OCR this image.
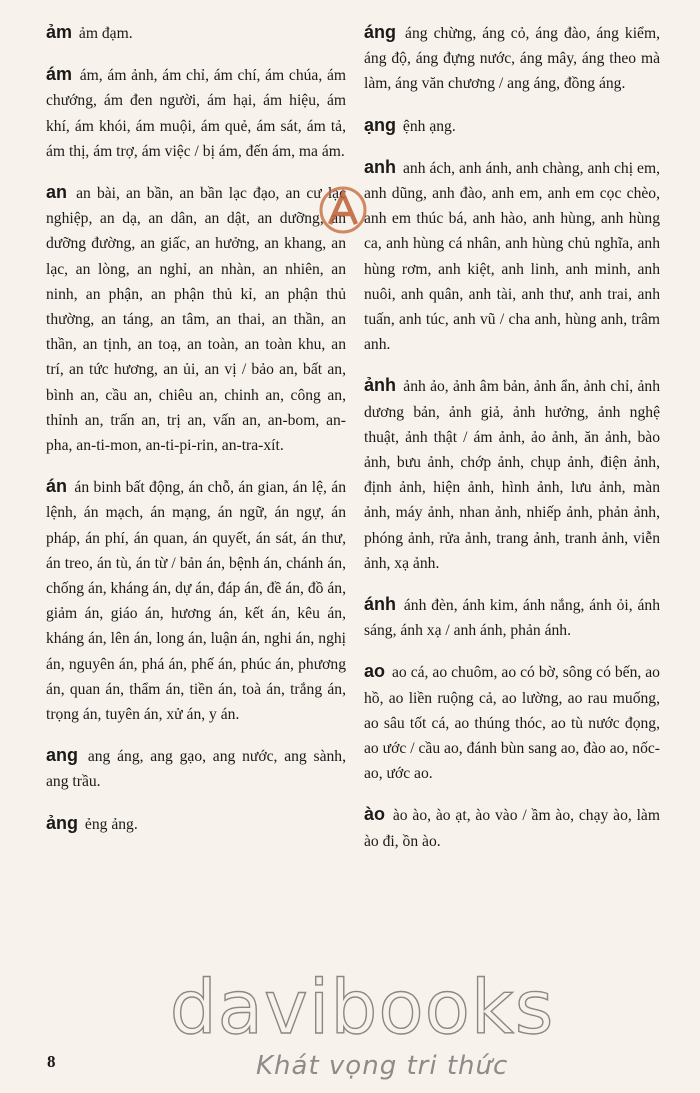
ảm ảm đạm.

ám ám, ám ảnh, ám chỉ, ám chí, ám chúa, ám chướng, ám đen người, ám hại, ám hiệu, ám khí, ám khói, ám muội, ám quẻ, ám sát, ám tả, ám thị, ám trợ, ám việc / bị ám, đến ám, ma ám.

an an bài, an bần, an bần lạc đạo, an cư lạc nghiệp, an dạ, an dân, an dật, an dưỡng, an dưỡng đường, an giấc, an hưởng, an khang, an lạc, an lòng, an nghỉ, an nhàn, an nhiên, an ninh, an phận, an phận thủ kỉ, an phận thủ thường, an táng, an tâm, an thai, an thần, an thần, an tịnh, an toạ, an toàn, an toàn khu, an trí, an tức hương, an ủi, an vị / bảo an, bất an, bình an, cầu an, chiêu an, chinh an, công an, thỉnh an, trấn an, trị an, vấn an, an-bom, an-pha, an-ti-mon, an-ti-pi-rin, an-tra-xít.

án án binh bất động, án chỗ, án gian, án lệ, án lệnh, án mạch, án mạng, án ngữ, án ngự, án pháp, án phí, án quan, án quyết, án sát, án thư, án treo, án tù, án từ / bản án, bệnh án, chánh án, chống án, kháng án, dự án, đáp án, đề án, đồ án, giảm án, giáo án, hương án, kết án, kêu án, kháng án, lên án, long án, luận án, nghi án, nghị án, nguyên án, phá án, phế án, phúc án, phương án, quan án, thẩm án, tiền án, toà án, trắng án, trọng án, tuyên án, xử án, y án.

ang ang áng, ang gạo, ang nước, ang sành, ang trầu.

ảng ẻng ảng.

áng áng chừng, áng cỏ, áng đào, áng kiểm, áng độ, áng đựng nước, áng mây, áng theo mà làm, áng văn chương / ang áng, đồng áng.

ạng ệnh ạng.

anh anh ách, anh ánh, anh chàng, anh chị em, anh dũng, anh đào, anh em, anh em cọc chèo, anh em thúc bá, anh hào, anh hùng, anh hùng ca, anh hùng cá nhân, anh hùng chủ nghĩa, anh hùng rơm, anh kiệt, anh linh, anh minh, anh nuôi, anh quân, anh tài, anh thư, anh trai, anh tuấn, anh túc, anh vũ / cha anh, hùng anh, trâm anh.

ảnh ảnh ảo, ảnh âm bản, ảnh ẩn, ảnh chỉ, ảnh dương bản, ảnh giả, ảnh hưởng, ảnh nghệ thuật, ảnh thật / ám ảnh, ảo ảnh, ăn ảnh, bào ảnh, bưu ảnh, chớp ảnh, chụp ảnh, điện ảnh, định ảnh, hiện ảnh, hình ảnh, lưu ảnh, màn ảnh, máy ảnh, nhan ảnh, nhiếp ảnh, phản ảnh, phóng ảnh, rửa ảnh, trang ảnh, tranh ảnh, viễn ảnh, xạ ảnh.

ánh ánh đèn, ánh kim, ánh nắng, ánh ỏi, ánh sáng, ánh xạ / anh ánh, phản ánh.

ao ao cá, ao chuôm, ao có bờ, sông có bến, ao hồ, ao liền ruộng cả, ao lường, ao rau muống, ao sâu tốt cá, ao thúng thóc, ao tù nước đọng, ao ước / cầu ao, đánh bùn sang ao, đào ao, nốc-ao, ước ao.

ào ào ào, ào ạt, ào vào / ầm ào, chạy ào, làm ào đi, ồn ào.

davibooks
Khát vọng tri thức
8
